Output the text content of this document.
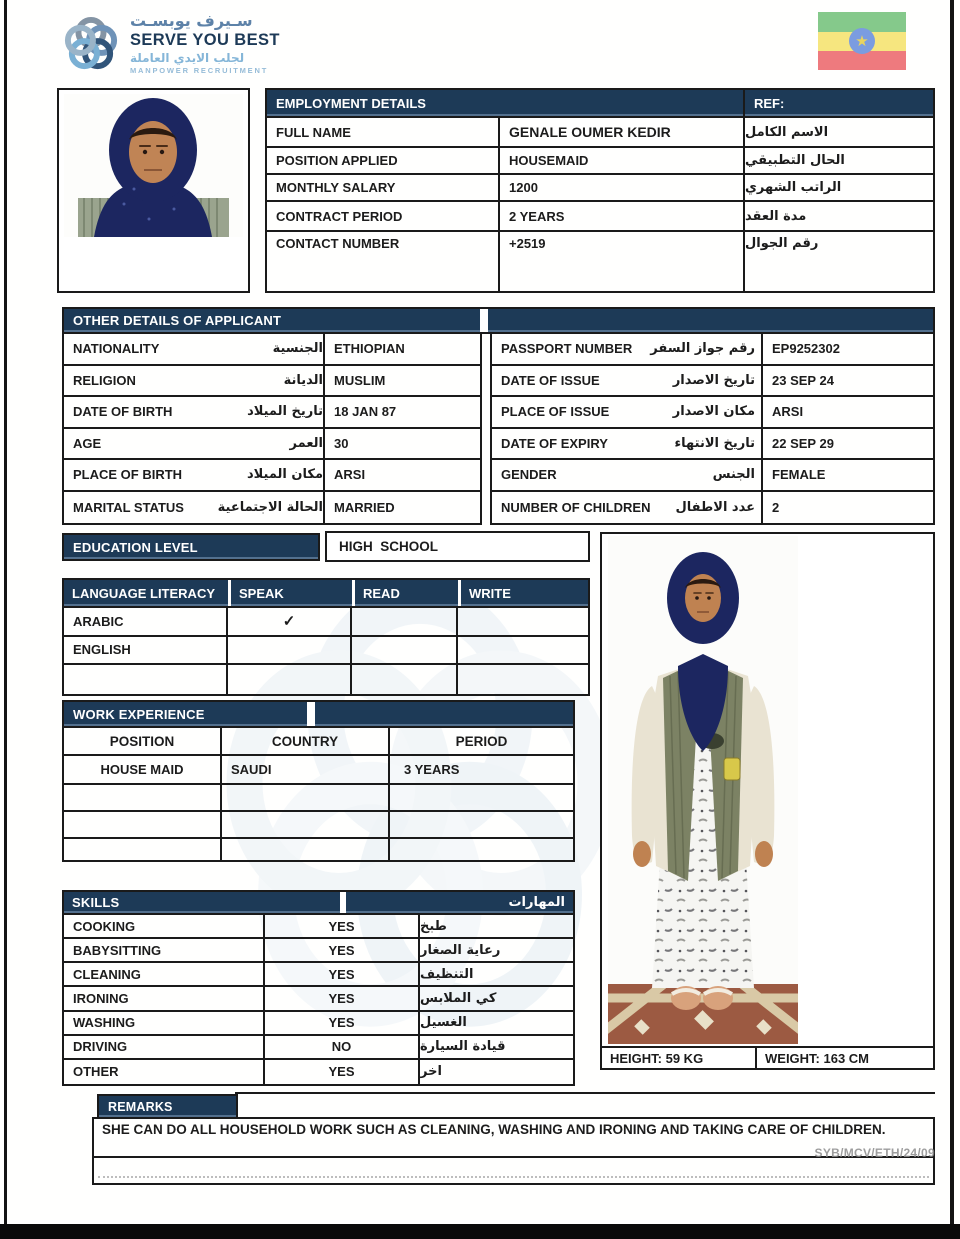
سـيرف يوبسـت
SERVE YOU BEST
لجلب الايدي العاملة
MANPOWER RECRUITMENT
★
EMPLOYMENT DETAILS	REF:
FULL NAME	GENALE OUMER KEDIR	الاسم الكامل
POSITION APPLIED	HOUSEMAID	الحال التطبيقي
MONTHLY SALARY	1200	الراتب الشهري
CONTRACT PERIOD	2 YEARS	مدة العقد
CONTACT NUMBER	+2519	رقم الجوال
OTHER DETAILS OF APPLICANT
NATIONALITY	الجنسية ETHIOPIAN
RELIGION	الديانة MUSLIM
DATE OF BIRTH	تاريخ الميلاد 18 JAN 87
AGE	العمر 30
PLACE OF BIRTH	مكان الميلاد ARSI
MARITAL STATUS	الحالة الاجتماعية MARRIED
PASSPORT NUMBER رقم جواز السفر	EP9252302
DATE OF ISSUE	تاريخ الاصدار	23 SEP 24
PLACE OF ISSUE	مكان الاصدار	ARSI
DATE OF EXPIRY	تاريخ الانتهاء	22 SEP 29
GENDER	الجنس	FEMALE
NUMBER OF CHILDREN عدد الاطفال	2
EDUCATION LEVEL	HIGH  SCHOOL
LANGUAGE LITERACY	SPEAK	READ	WRITE
ARABIC	✓
ENGLISH
WORK EXPERIENCE
POSITION	COUNTRY	PERIOD
HOUSE MAID	SAUDI	3 YEARS
SKILLS	المهارات
COOKING	YES	طبخ
BABYSITTING	YES	رعاية الصغار
CLEANING	YES	التنظيف
IRONING	YES	كي الملابس
WASHING	YES	الغسيل
DRIVING	NO	قيادة السيارة
OTHER	YES	اخر
HEIGHT: 59 KG	WEIGHT: 163 CM
REMARKS
SHE CAN DO ALL HOUSEHOLD WORK SUCH AS CLEANING, WASHING AND IRONING AND TAKING CARE OF CHILDREN.
SYB/MCV/ETH/24/09
